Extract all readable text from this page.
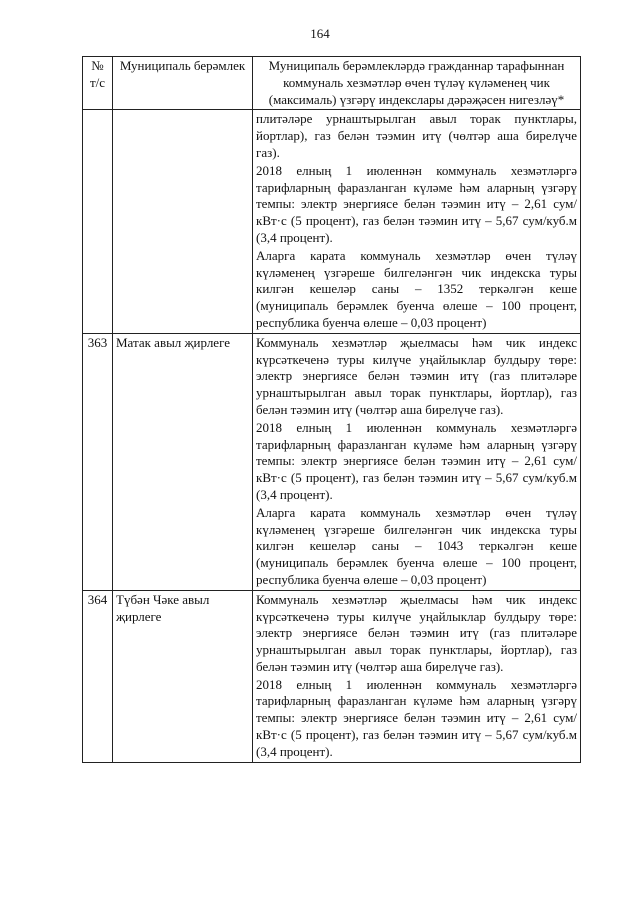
164
№ т/с	Муниципаль берәмлек	Муниципаль берәмлекләрдә гражданнар тарафыннан коммуналь хезмәтләр өчен түләү күләменең чик (максималь) үзгәрү индекслары дәрәҗәсен нигезләү*

		плитәләре урнаштырылган авыл торак пунктлары, йортлар), газ белән тәэмин итү (чөлтәр аша бирелүче газ).
2018 елның 1 июленнән коммуналь хезмәтләргә тарифларның фаразланган күләме һәм аларның үзгәрү темпы: электр энергиясе белән тәэмин итү – 2,61 сум/кВт·с (5 процент), газ белән тәэмин итү – 5,67 сум/куб.м (3,4 процент).
Аларга карата коммуналь хезмәтләр өчен түләү күләменең үзгәреше билгеләнгән чик индекска туры килгән кешеләр саны – 1352 теркәлгән кеше (муниципаль берәмлек буенча өлеше – 100 процент, республика буенча өлеше – 0,03 процент)

363	Матак авыл җирлеге	Коммуналь хезмәтләр җыелмасы һәм чик индекс күрсәткеченә туры килүче уңайлыклар булдыру төре: электр энергиясе белән тәэмин итү (газ плитәләре урнаштырылган авыл торак пунктлары, йортлар), газ белән тәэмин итү (чөлтәр аша бирелүче газ).
2018 елның 1 июленнән коммуналь хезмәтләргә тарифларның фаразланган күләме һәм аларның үзгәрү темпы: электр энергиясе белән тәэмин итү – 2,61 сум/кВт·с (5 процент), газ белән тәэмин итү – 5,67 сум/куб.м (3,4 процент).
Аларга карата коммуналь хезмәтләр өчен түләү күләменең үзгәреше билгеләнгән чик индекска туры килгән кешеләр саны – 1043 теркәлгән кеше (муниципаль берәмлек буенча өлеше – 100 процент, республика буенча өлеше – 0,03 процент)

364	Түбән Чәке авыл җирлеге	Коммуналь хезмәтләр җыелмасы һәм чик индекс күрсәткеченә туры килүче уңайлыклар булдыру төре: электр энергиясе белән тәэмин итү (газ плитәләре урнаштырылган авыл торак пунктлары, йортлар), газ белән тәэмин итү (чөлтәр аша бирелүче газ).
2018 елның 1 июленнән коммуналь хезмәтләргә тарифларның фаразланган күләме һәм аларның үзгәрү темпы: электр энергиясе белән тәэмин итү – 2,61 сум/кВт·с (5 процент), газ белән тәэмин итү – 5,67 сум/куб.м (3,4 процент).
